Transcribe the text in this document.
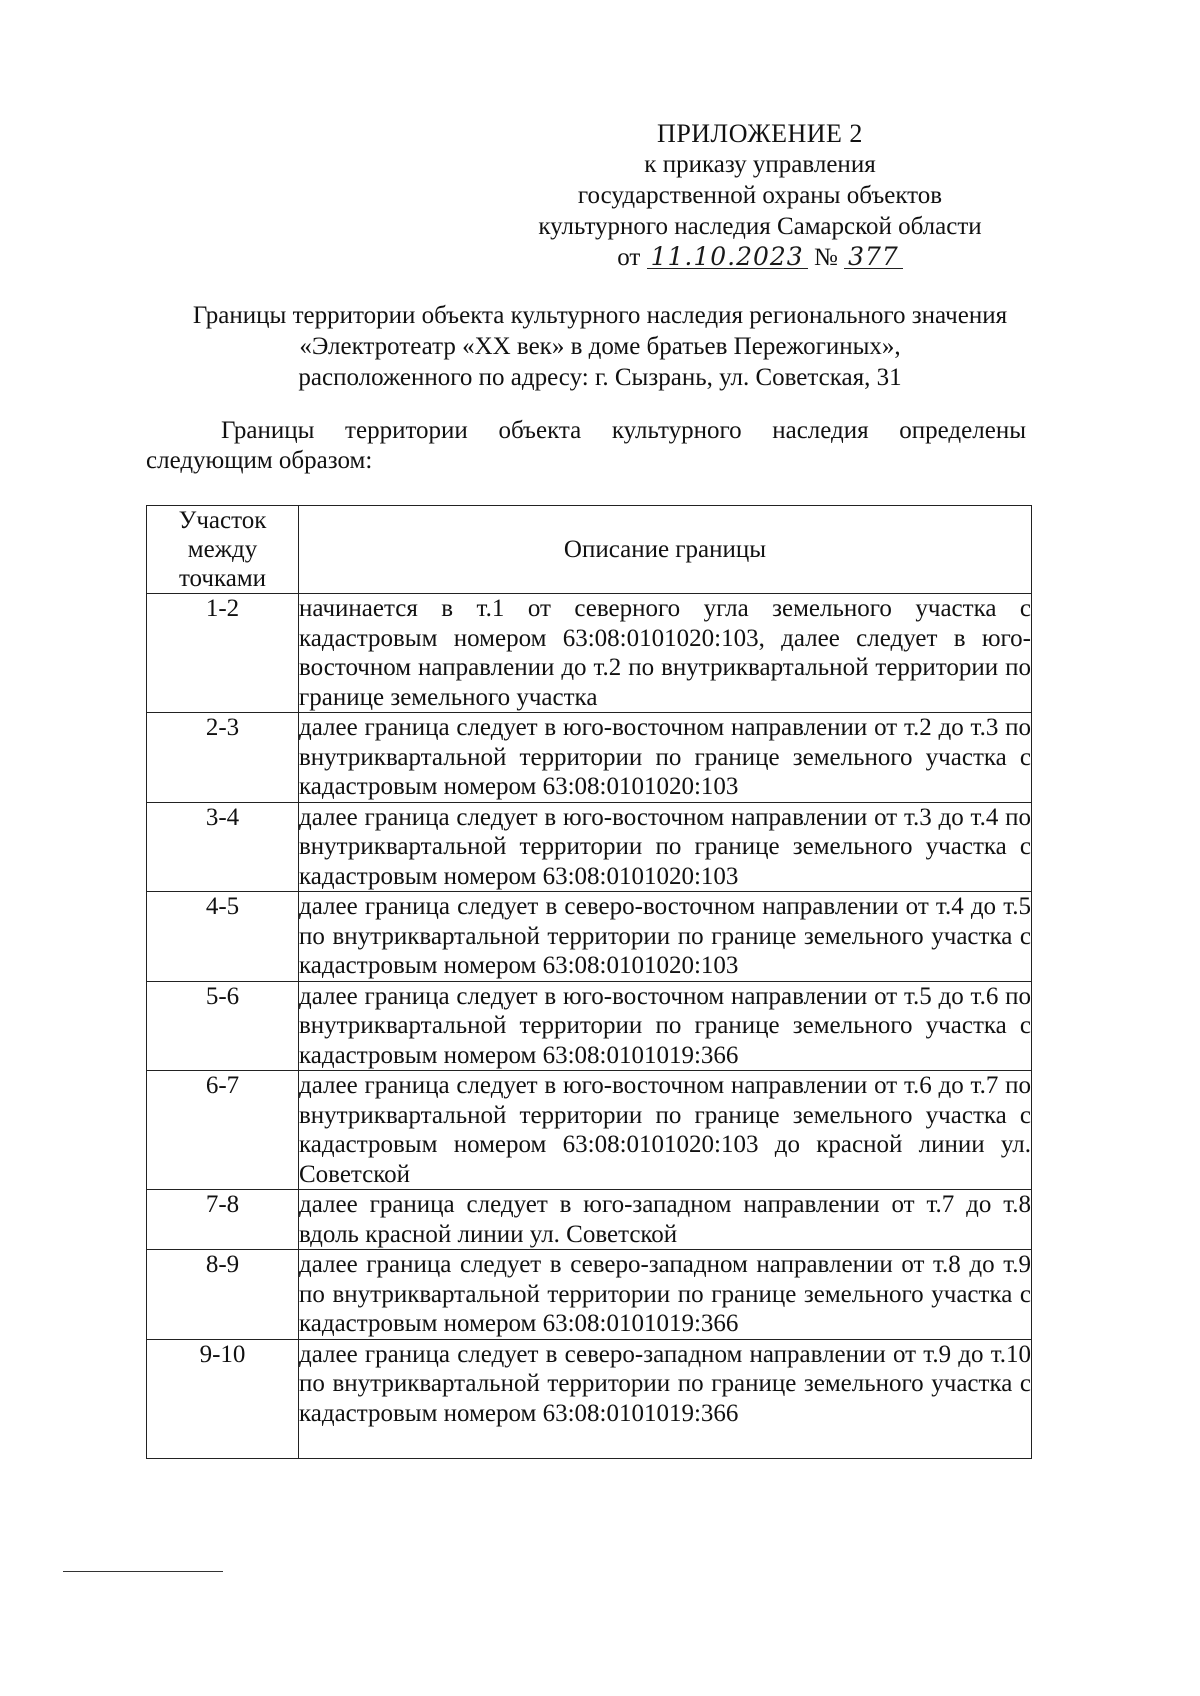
ПРИЛОЖЕНИЕ 2
к приказу управления
государственной охраны объектов
культурного наследия Самарской области
от 11.10.2023 № 377
Границы территории объекта культурного наследия регионального значения
«Электротеатр «XX век» в доме братьев Пережогиных»,
расположенного по адресу: г. Сызрань, ул. Советская, 31
Границы территории объекта культурного наследия определены следующим образом:
Участок
между
точками	Описание границы
1-2	начинается в т.1 от северного угла земельного участка с кадастровым номером 63:08:0101020:103, далее следует в юго-восточном направлении до т.2 по внутриквартальной территории по границе земельного участка
2-3	далее граница следует в юго-восточном направлении от т.2 до т.3 по внутриквартальной территории по границе земельного участка с кадастровым номером 63:08:0101020:103
3-4	далее граница следует в юго-восточном направлении от т.3 до т.4 по внутриквартальной территории по границе земельного участка с кадастровым номером 63:08:0101020:103
4-5	далее граница следует в северо-восточном направлении от т.4 до т.5 по внутриквартальной территории по границе земельного участка с кадастровым номером 63:08:0101020:103
5-6	далее граница следует в юго-восточном направлении от т.5 до т.6 по внутриквартальной территории по границе земельного участка с кадастровым номером 63:08:0101019:366
6-7	далее граница следует в юго-восточном направлении от т.6 до т.7 по внутриквартальной территории по границе земельного участка с кадастровым номером 63:08:0101020:103 до красной линии ул. Советской
7-8	далее граница следует в юго-западном направлении от т.7 до т.8 вдоль красной линии ул. Советской
8-9	далее граница следует в северо-западном направлении от т.8 до т.9 по внутриквартальной территории по границе земельного участка с кадастровым номером 63:08:0101019:366
9-10	далее граница следует в северо-западном направлении от т.9 до т.10 по внутриквартальной территории по границе земельного участка с кадастровым номером 63:08:0101019:366
